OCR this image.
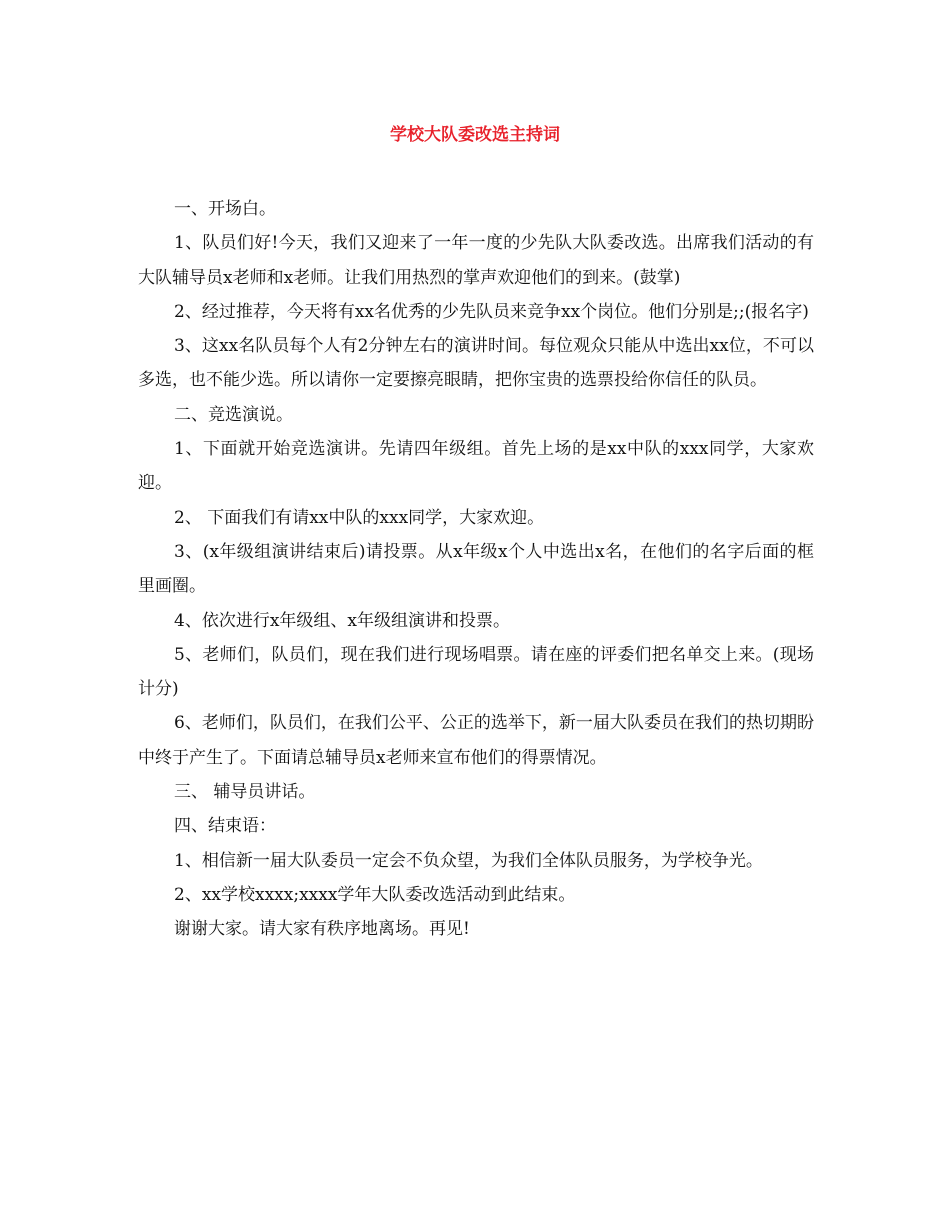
学校大队委改选主持词

一、开场白。

1、队员们好!今天，我们又迎来了一年一度的少先队大队委改选。出席我们活动的有大队辅导员x老师和x老师。让我们用热烈的掌声欢迎他们的到来。(鼓掌)

2、经过推荐，今天将有xx名优秀的少先队员来竞争xx个岗位。他们分别是;;(报名字)

3、这xx名队员每个人有2分钟左右的演讲时间。每位观众只能从中选出xx位，不可以多选，也不能少选。所以请你一定要擦亮眼睛，把你宝贵的选票投给你信任的队员。

二、竞选演说。

1、下面就开始竞选演讲。先请四年级组。首先上场的是xx中队的xxx同学，大家欢迎。

2、 下面我们有请xx中队的xxx同学，大家欢迎。

3、(x年级组演讲结束后)请投票。从x年级x个人中选出x名，在他们的名字后面的框里画圈。

4、依次进行x年级组、x年级组演讲和投票。

5、老师们，队员们，现在我们进行现场唱票。请在座的评委们把名单交上来。(现场计分)

6、老师们，队员们，在我们公平、公正的选举下，新一届大队委员在我们的热切期盼中终于产生了。下面请总辅导员x老师来宣布他们的得票情况。

三、 辅导员讲话。

四、结束语：

1、相信新一届大队委员一定会不负众望，为我们全体队员服务，为学校争光。

2、xx学校xxxx;xxxx学年大队委改选活动到此结束。

谢谢大家。请大家有秩序地离场。再见!
